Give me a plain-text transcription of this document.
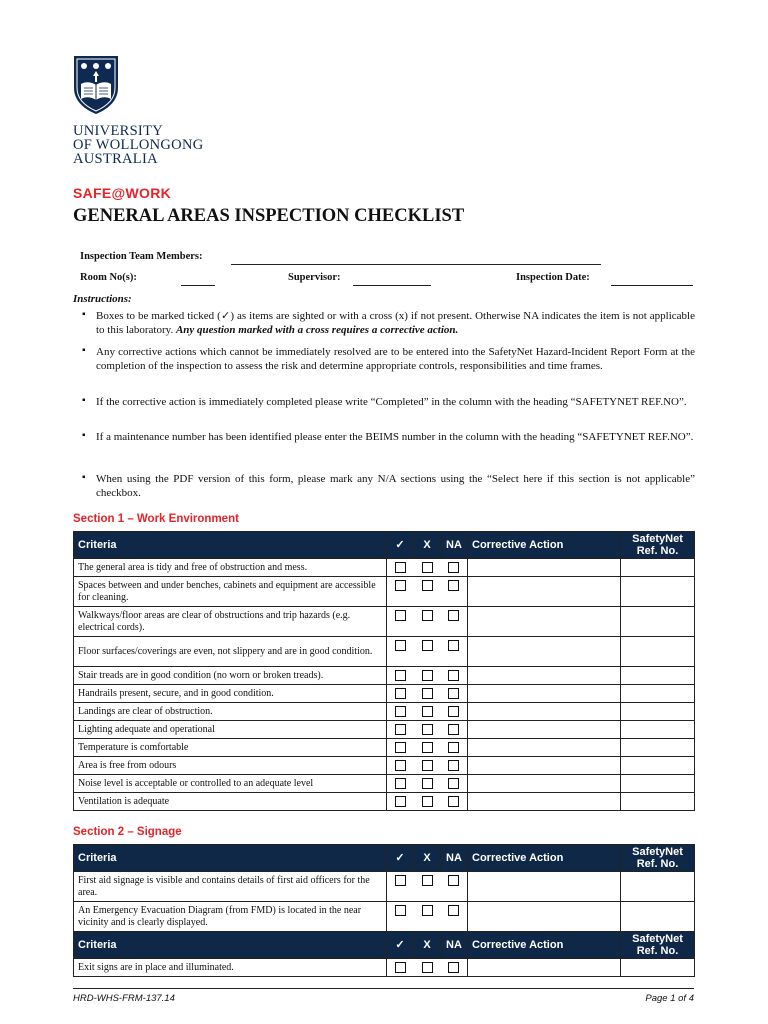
UNIVERSITY
OF WOLLONGONG
AUSTRALIA
SAFE@WORK
GENERAL AREAS INSPECTION CHECKLIST
Inspection Team Members:
Room No(s):	Supervisor:	Inspection Date:
Instructions:
▪ Boxes to be marked ticked (✓) as items are sighted or with a cross (x) if not present. Otherwise NA indicates the item is not applicable to this laboratory. Any question marked with a cross requires a corrective action.
▪ Any corrective actions which cannot be immediately resolved are to be entered into the SafetyNet Hazard-Incident Report Form at the completion of the inspection to assess the risk and determine appropriate controls, responsibilities and time frames.
▪ If the corrective action is immediately completed please write “Completed” in the column with the heading “SAFETYNET REF.NO”.
▪ If a maintenance number has been identified please enter the BEIMS number in the column with the heading “SAFETYNET REF.NO”.
▪ When using the PDF version of this form, please mark any N/A sections using the “Select here if this section is not applicable” checkbox.
Section 1 – Work Environment
Criteria	✓	X	NA	Corrective Action	SafetyNet Ref. No.
The general area is tidy and free of obstruction and mess.					
Spaces between and under benches, cabinets and equipment are accessible for cleaning.					
Walkways/floor areas are clear of obstructions and trip hazards (e.g. electrical cords).					
Floor surfaces/coverings are even, not slippery and are in good condition.					
Stair treads are in good condition (no worn or broken treads).					
Handrails present, secure, and in good condition.					
Landings are clear of obstruction.					
Lighting adequate and operational					
Temperature is comfortable					
Area is free from odours					
Noise level is acceptable or controlled to an adequate level					
Ventilation is adequate					
Section 2 – Signage
Criteria	✓	X	NA	Corrective Action	SafetyNet Ref. No.
First aid signage is visible and contains details of first aid officers for the area.					
An Emergency Evacuation Diagram (from FMD) is located in the near vicinity and is clearly displayed.					
Criteria	✓	X	NA	Corrective Action	SafetyNet Ref. No.
Exit signs are in place and illuminated.					
HRD-WHS-FRM-137.14	Page 1 of 4
